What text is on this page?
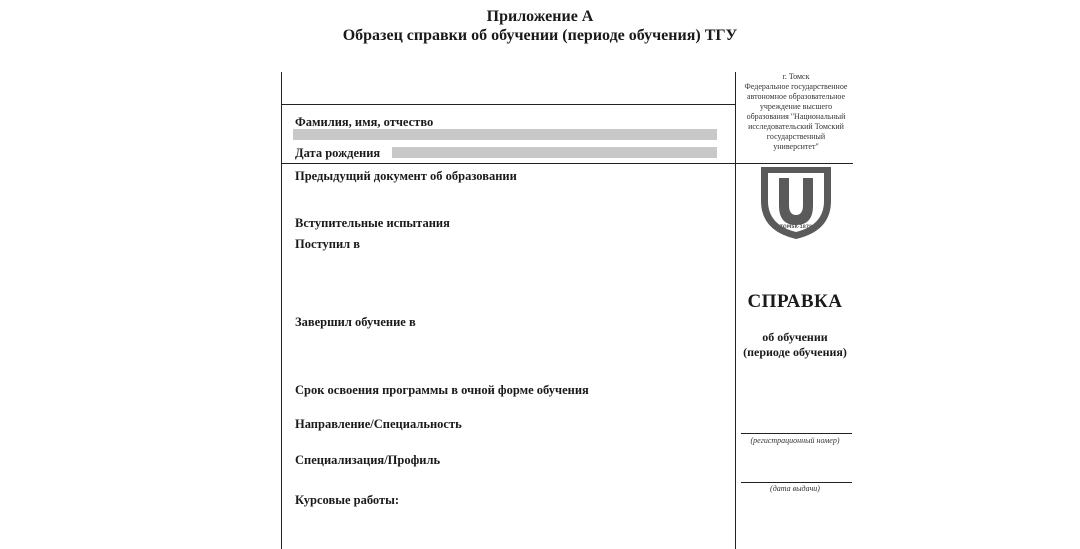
Приложение А
Образец справки об обучении (периоде обучения) ТГУ
Фамилия, имя, отчество
Дата рождения
Предыдущий документ об образовании
Вступительные испытания
Поступил в
Завершил обучение в
Срок освоения программы в очной форме обучения
Направление/Специальность
Специализация/Профиль
Курсовые работы:
г. Томск
Федеральное государственное
автономное образовательное
учреждение высшего
образования "Национальный
исследовательский Томский
государственный
университет"
TOMSK·1878
СПРАВКА
об обучении
(периоде обучения)
(регистрационный номер)
(дата выдачи)
